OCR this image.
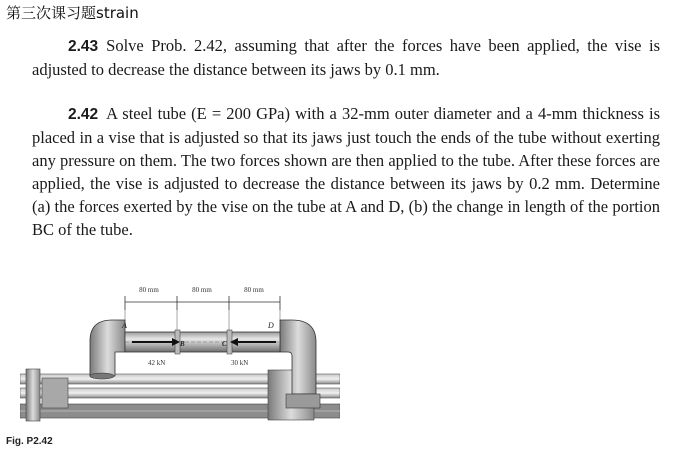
第三次课习题strain
2.43 Solve Prob. 2.42, assuming that after the forces have been applied, the vise is adjusted to decrease the distance between its jaws by 0.1 mm.
2.42 A steel tube (E = 200 GPa) with a 32-mm outer diameter and a 4-mm thickness is placed in a vise that is adjusted so that its jaws just touch the ends of the tube without exerting any pressure on them. The two forces shown are then applied to the tube. After these forces are applied, the vise is adjusted to decrease the distance between its jaws by 0.2 mm. Determine (a) the forces exerted by the vise on the tube at A and D, (b) the change in length of the portion BC of the tube.
80 mm	80 mm	80 mm
A
B	C
D
42 kN	30 kN
Fig. P2.42
